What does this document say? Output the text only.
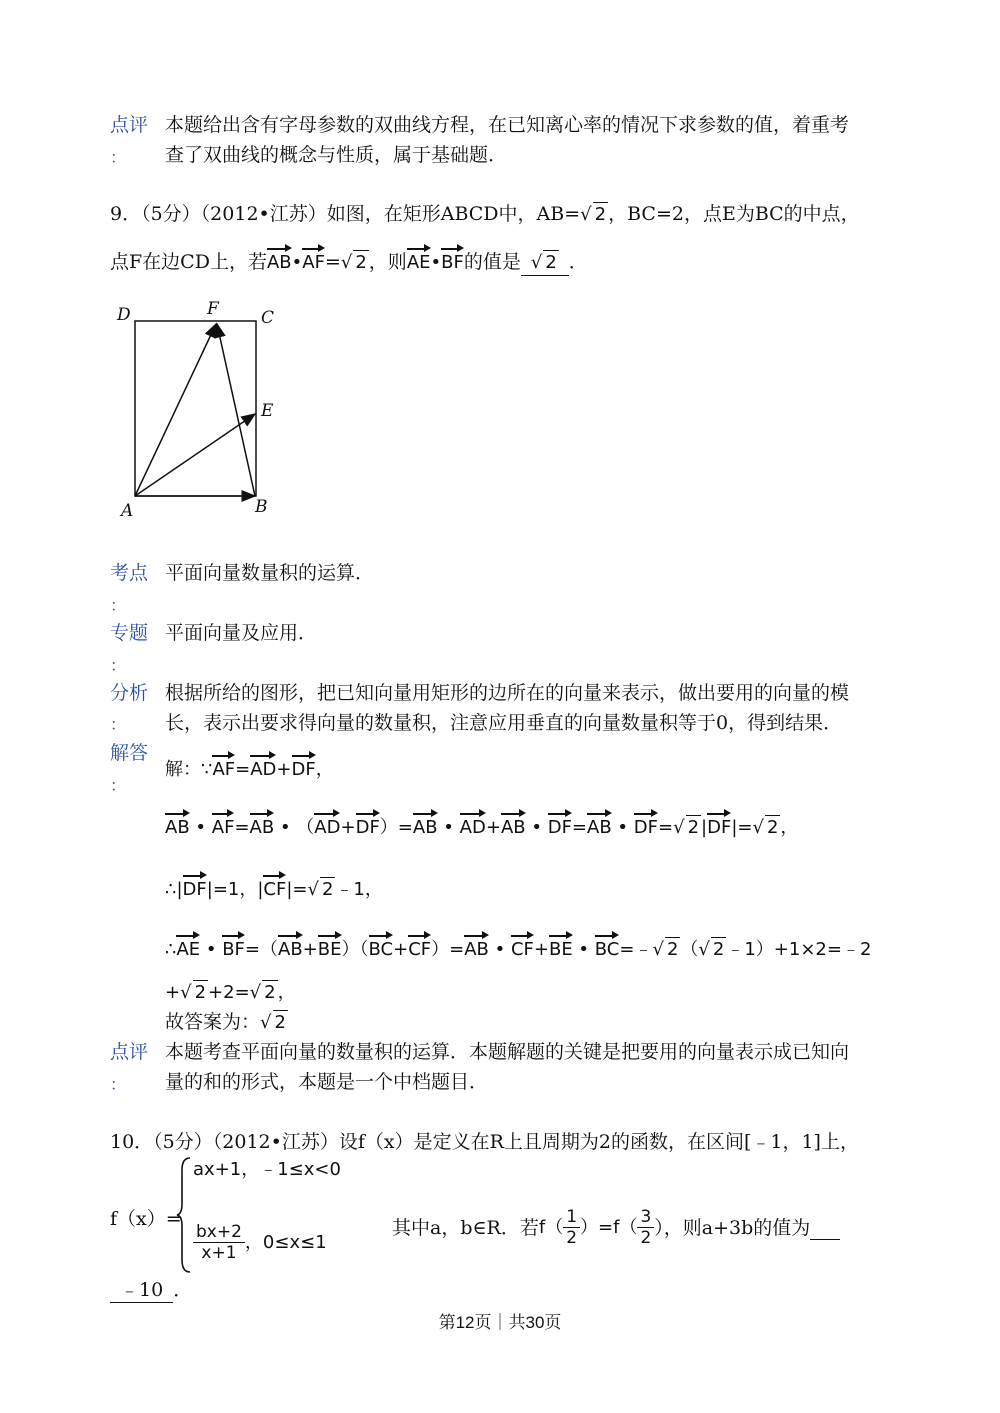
点评
：
本题给出含有字母参数的双曲线方程，在已知离心率的情况下求参数的值，着重考
查了双曲线的概念与性质，属于基础题．
9．（5分）（2012•江苏）如图，在矩形ABCD中，AB=√ 2 ，BC=2，点E为BC的中点，
点F在边CD上，若AB•AF=√ 2 ，则AE•BF的值是 √ 2 ．
D	F C
E
A	B
考点
：
平面向量数量积的运算．
专题
：
平面向量及应用．
分析
：
根据所给的图形，把已知向量用矩形的边所在的向量来表示，做出要用的向量的模
长，表示出要求得向量的数量积，注意应用垂直的向量数量积等于0，得到结果．
解答
：
解：∵AF=AD+DF，
AB • AF=AB • （AD+DF）=AB • AD+AB • DF=AB • DF=√ 2 |DF|=√ 2 ，
∴|DF|=1，|CF|=√ 2 ﹣1，
∴AE • BF=（AB+BE）（BC+CF）=AB • CF+BE • BC=﹣√ 2 （√ 2 ﹣1）+1×2=﹣2
+√ 2 +2=√ 2 ，
故答案为：√ 2
点评
：
本题考查平面向量的数量积的运算．本题解题的关键是把要用的向量表示成已知向
量的和的形式，本题是一个中档题目．
10．（5分）（2012•江苏）设f（x）是定义在R上且周期为2的函数，在区间[﹣1，1]上，
f（x）=
ax+1，﹣1≤x<0
$\frac{bx+2}{x+1}$ ，0≤x≤1
其中a，b∈R．若 $f( \frac{1}{2} )=f( \frac{3}{2}$ ），则a+3b的值为

﹣10 ．
第12页｜共30页
